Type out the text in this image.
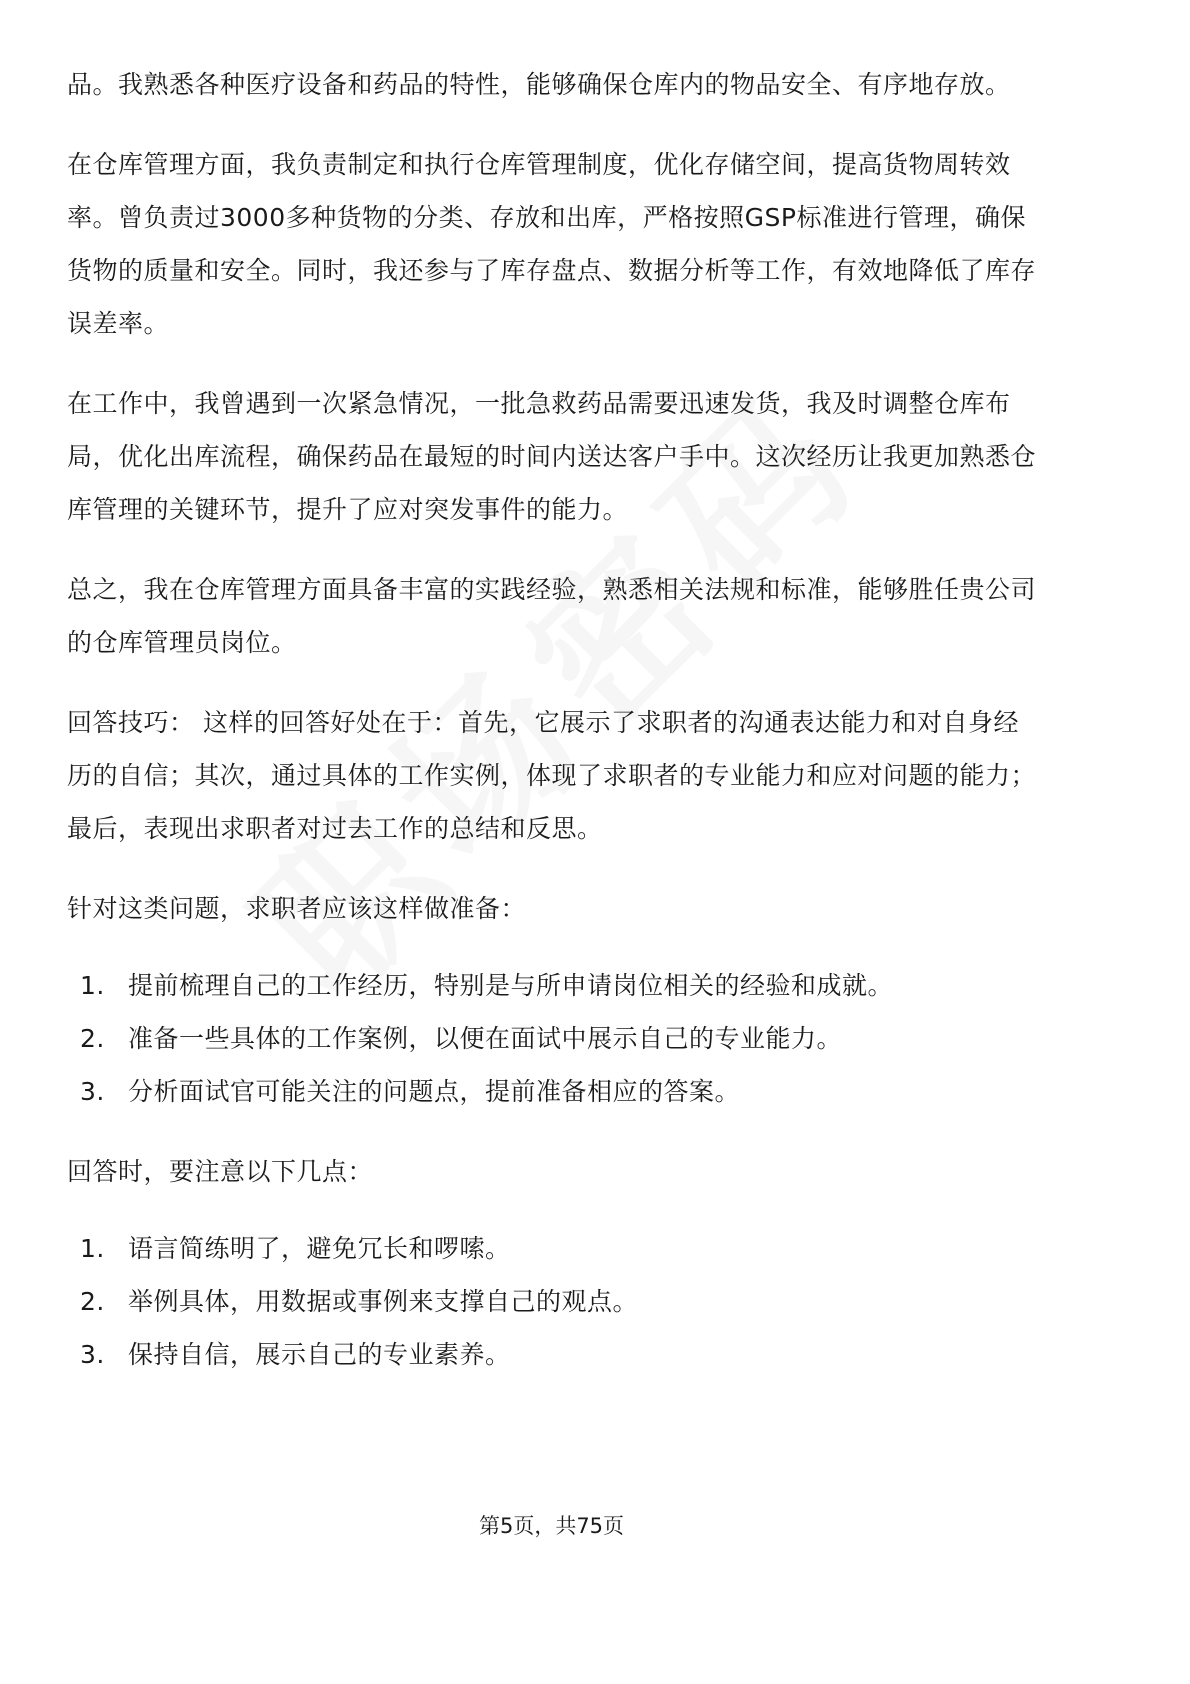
品。我熟悉各种医疗设备和药品的特性，能够确保仓库内的物品安全、有序地存放。

在仓库管理方面，我负责制定和执行仓库管理制度，优化存储空间，提高货物周转效率。曾负责过3000多种货物的分类、存放和出库，严格按照GSP标准进行管理，确保货物的质量和安全。同时，我还参与了库存盘点、数据分析等工作，有效地降低了库存误差率。

在工作中，我曾遇到一次紧急情况，一批急救药品需要迅速发货，我及时调整仓库布局，优化出库流程，确保药品在最短的时间内送达客户手中。这次经历让我更加熟悉仓库管理的关键环节，提升了应对突发事件的能力。

总之，我在仓库管理方面具备丰富的实践经验，熟悉相关法规和标准，能够胜任贵公司的仓库管理员岗位。

回答技巧： 这样的回答好处在于：首先，它展示了求职者的沟通表达能力和对自身经历的自信；其次，通过具体的工作实例，体现了求职者的专业能力和应对问题的能力；最后，表现出求职者对过去工作的总结和反思。

针对这类问题，求职者应该这样做准备：

1. 提前梳理自己的工作经历，特别是与所申请岗位相关的经验和成就。
2. 准备一些具体的工作案例，以便在面试中展示自己的专业能力。
3. 分析面试官可能关注的问题点，提前准备相应的答案。

回答时，要注意以下几点：

1. 语言简练明了，避免冗长和啰嗦。
2. 举例具体，用数据或事例来支撑自己的观点。
3. 保持自信，展示自己的专业素养。
第5页，共75页
